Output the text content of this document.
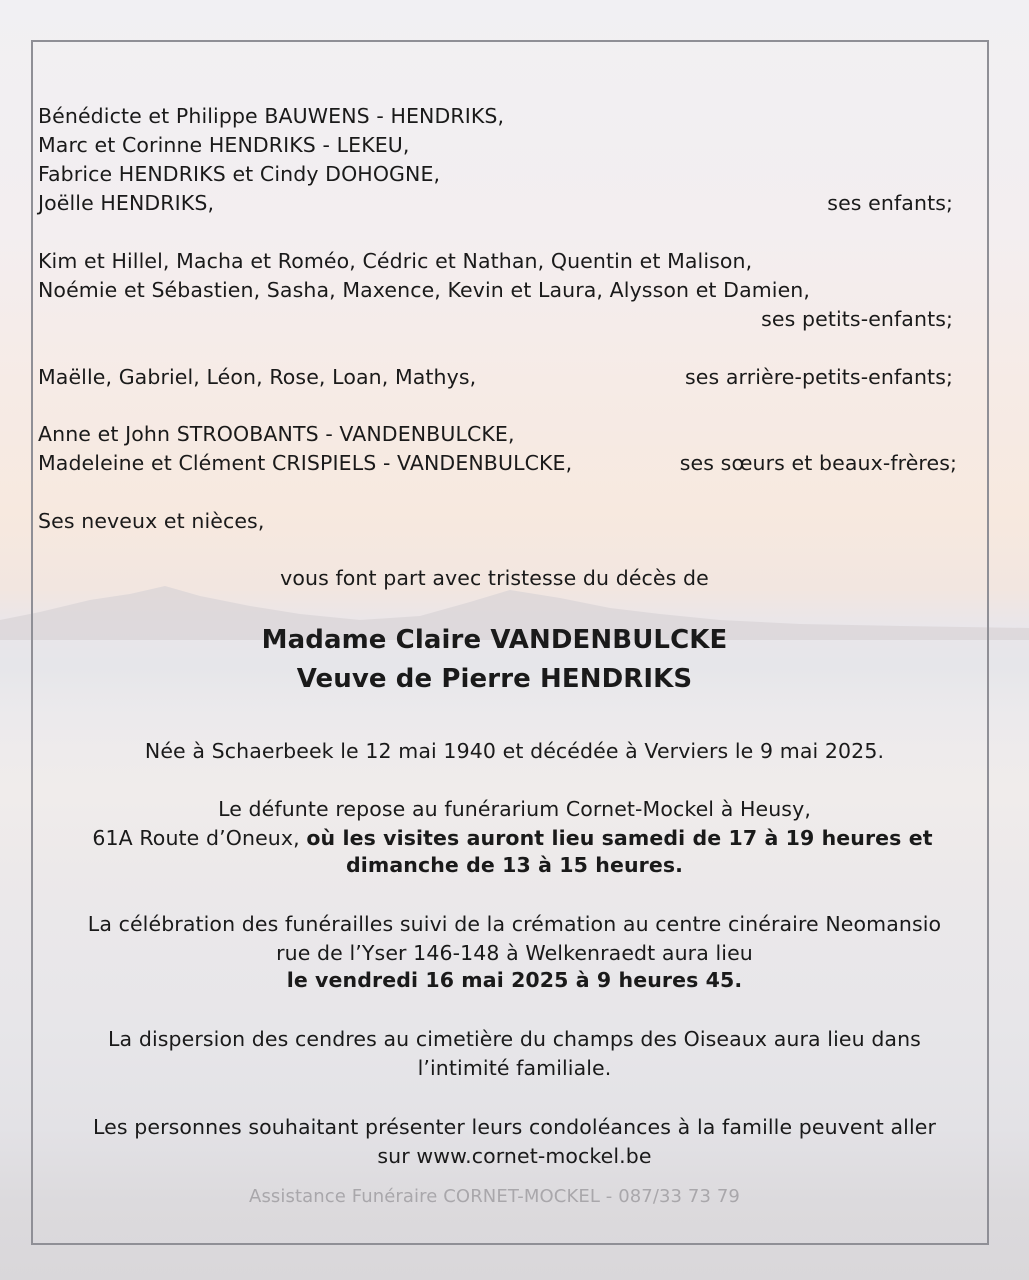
Bénédicte et Philippe BAUWENS - HENDRIKS,
Marc et Corinne HENDRIKS - LEKEU,
Fabrice HENDRIKS et Cindy DOHOGNE,
Joëlle HENDRIKS,	ses enfants;
Kim et Hillel, Macha et Roméo, Cédric et Nathan, Quentin et Malison,
Noémie et Sébastien, Sasha, Maxence, Kevin et Laura, Alysson et Damien,
ses petits-enfants;
Maëlle, Gabriel, Léon, Rose, Loan, Mathys,	ses arrière-petits-enfants;
Anne et John STROOBANTS - VANDENBULCKE,
Madeleine et Clément CRISPIELS - VANDENBULCKE,	ses sœurs et beaux-frères;
Ses neveux et nièces,
vous font part avec tristesse du décès de
Madame Claire VANDENBULCKE
Veuve de Pierre HENDRIKS
Née à Schaerbeek le 12 mai 1940 et décédée à Verviers le 9 mai 2025.
Le défunte repose au funérarium Cornet-Mockel à Heusy,
61A Route d’Oneux, où les visites auront lieu samedi de 17 à 19 heures et
dimanche de 13 à 15 heures.
La célébration des funérailles suivi de la crémation au centre cinéraire Neomansio
rue de l’Yser 146-148 à Welkenraedt aura lieu
le vendredi 16 mai 2025 à 9 heures 45.
La dispersion des cendres au cimetière du champs des Oiseaux aura lieu dans
l’intimité familiale.
Les personnes souhaitant présenter leurs condoléances à la famille peuvent aller
sur www.cornet-mockel.be
Assistance Funéraire CORNET-MOCKEL - 087/33 73 79
